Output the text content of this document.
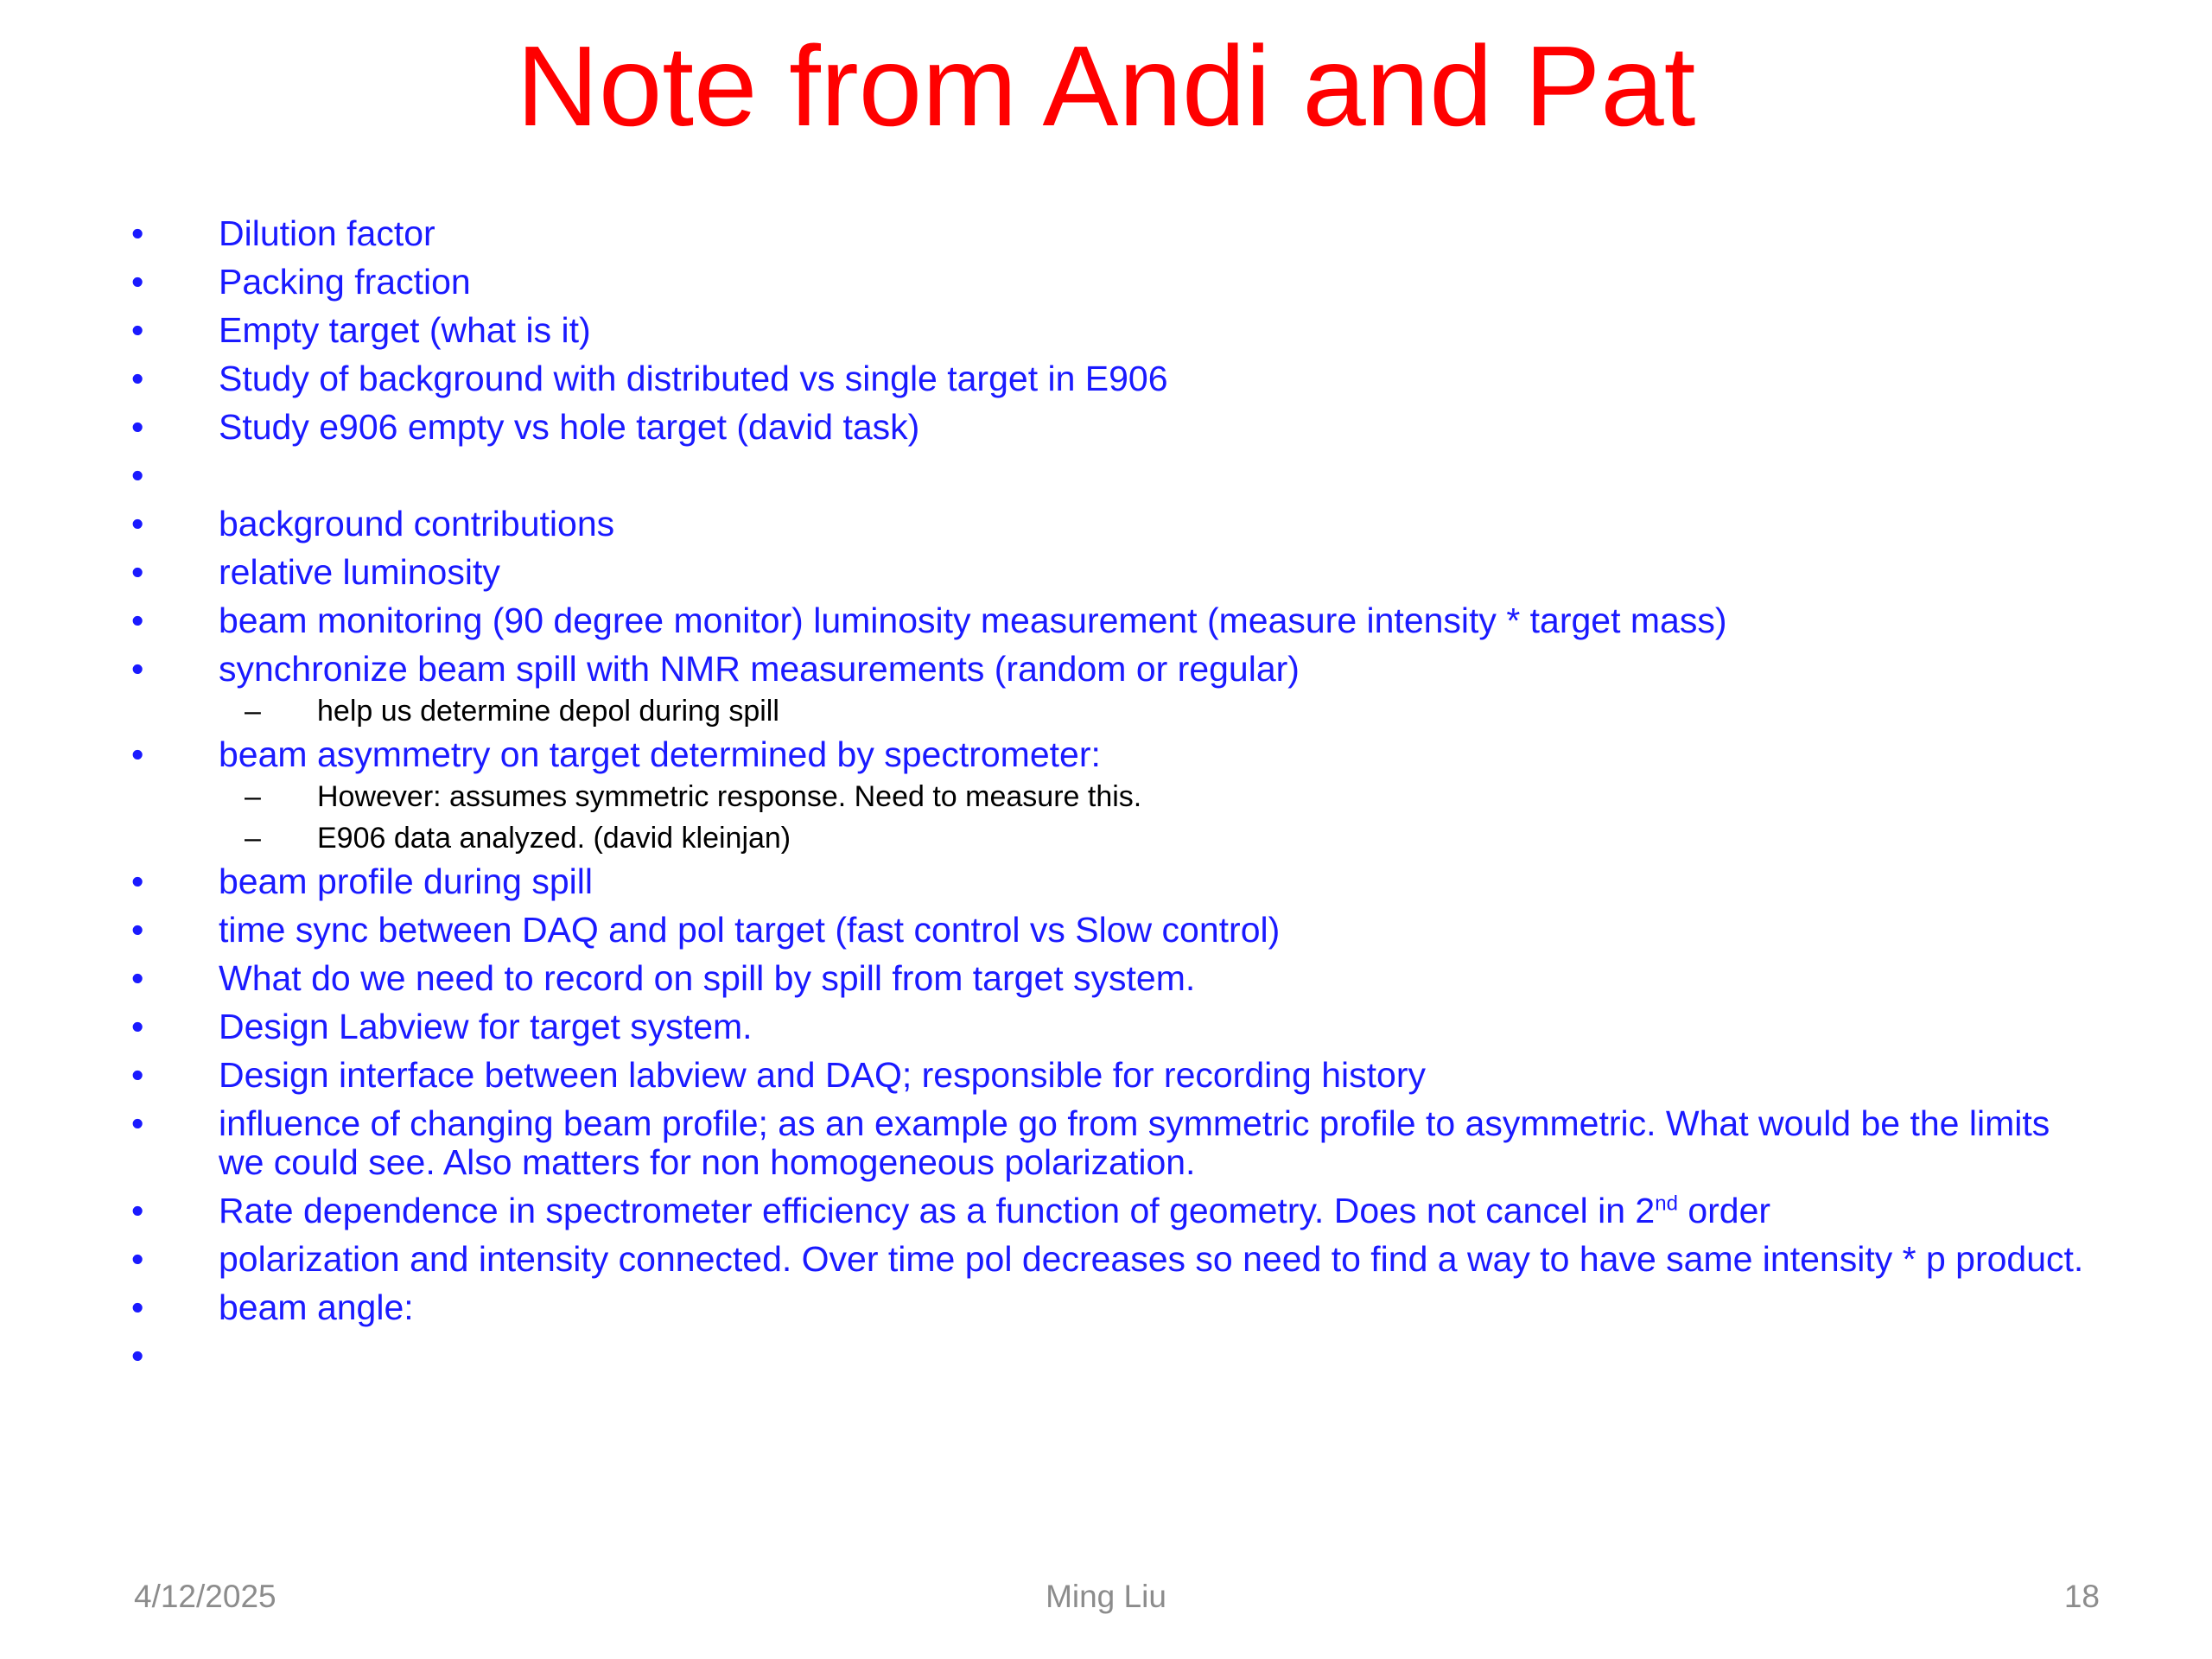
Note from Andi and Pat
• Dilution factor
• Packing fraction
• Empty target (what is it)
• Study of background with distributed vs single target in E906
• Study e906 empty vs hole target (david task)
•

• background contributions
• relative luminosity
• beam monitoring (90 degree monitor) luminosity measurement (measure intensity * target mass)
• synchronize beam spill with NMR measurements (random or regular)
– help us determine depol during spill
• beam asymmetry on target determined by spectrometer:
– However: assumes symmetric response. Need to measure this.
– E906 data analyzed. (david kleinjan)
• beam profile during spill
• time sync between DAQ and pol target (fast control vs Slow control)
• What do we need to record on spill by spill from target system.
• Design Labview for target system.
• Design interface between labview and DAQ; responsible for recording history
• influence of changing beam profile; as an example go from symmetric profile to asymmetric. What would be the limits we could see. Also matters for non homogeneous polarization.
• Rate dependence in spectrometer efficiency as a function of geometry. Does not cancel in 2nd order
• polarization and intensity connected. Over time pol decreases so need to find a way to have same intensity * p product.
• beam angle:
•

4/12/2025	Ming Liu	18
